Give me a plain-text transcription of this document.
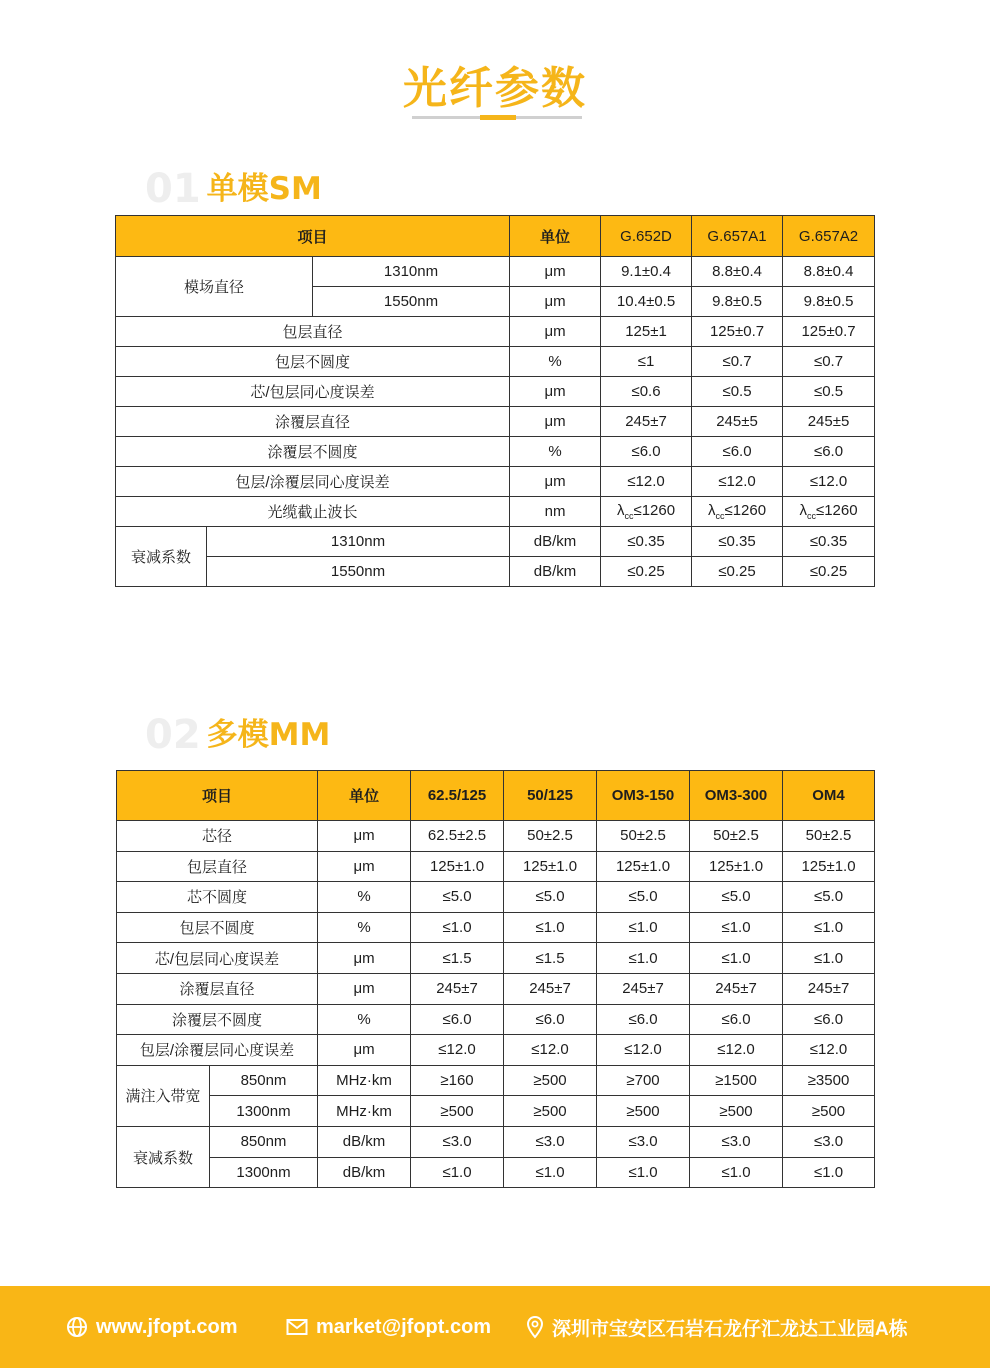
光纤参数
01 单模SM
项目			单位	G.652D	G.657A1	G.657A2
模场直径		1310nm	μm	9.1±0.4	8.8±0.4	8.8±0.4
		1550nm	μm	10.4±0.5	9.8±0.5	9.8±0.5
包层直径			μm	125±1	125±0.7	125±0.7
包层不圆度			%	≤1	≤0.7	≤0.7
芯/包层同心度误差			μm	≤0.6	≤0.5	≤0.5
涂覆层直径			μm	245±7	245±5	245±5
涂覆层不圆度			%	≤6.0	≤6.0	≤6.0
包层/涂覆层同心度误差			μm	≤12.0	≤12.0	≤12.0
光缆截止波长			nm	$\lambda_{cc}\le 1260$	$\lambda_{cc}\le 1260$	$\lambda_{cc}\le 1260$
衰减系数	1310nm		dB/km	≤0.35	≤0.35	≤0.35
	1550nm		dB/km	≤0.25	≤0.25	≤0.25
02 多模MM
项目		单位	62.5/125	50/125	OM3-150	OM3-300	OM4
芯径		μm	62.5±2.5	50±2.5	50±2.5	50±2.5	50±2.5
包层直径		μm	125±1.0	125±1.0	125±1.0	125±1.0	125±1.0
芯不圆度		%	≤5.0	≤5.0	≤5.0	≤5.0	≤5.0
包层不圆度		%	≤1.0	≤1.0	≤1.0	≤1.0	≤1.0
芯/包层同心度误差		μm	≤1.5	≤1.5	≤1.0	≤1.0	≤1.0
涂覆层直径		μm	245±7	245±7	245±7	245±7	245±7
涂覆层不圆度		%	≤6.0	≤6.0	≤6.0	≤6.0	≤6.0
包层/涂覆层同心度误差		μm	≤12.0	≤12.0	≤12.0	≤12.0	≤12.0
满注入带宽	850nm	MHz·km	≥160	≥500	≥700	≥1500	≥3500
	1300nm	MHz·km	≥500	≥500	≥500	≥500	≥500
衰减系数	850nm	dB/km	≤3.0	≤3.0	≤3.0	≤3.0	≤3.0
	1300nm	dB/km	≤1.0	≤1.0	≤1.0	≤1.0	≤1.0
www.jfopt.com	market@jfopt.com	深圳市宝安区石岩石龙仔汇龙达工业园A栋
